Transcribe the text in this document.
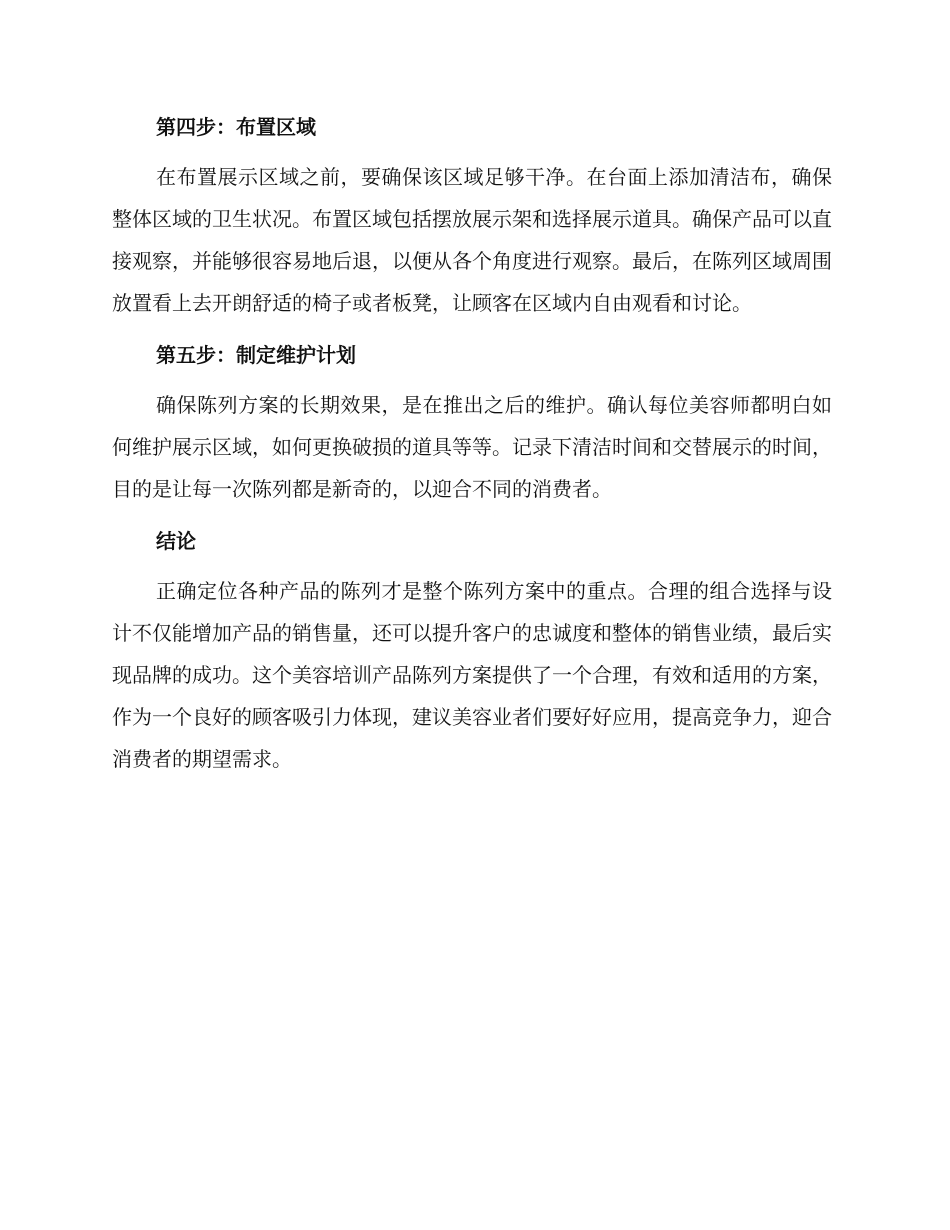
第四步：布置区域

在布置展示区域之前，要确保该区域足够干净。在台面上添加清洁布，确保整体区域的卫生状况。布置区域包括摆放展示架和选择展示道具。确保产品可以直接观察，并能够很容易地后退，以便从各个角度进行观察。最后，在陈列区域周围放置看上去开朗舒适的椅子或者板凳，让顾客在区域内自由观看和讨论。

第五步：制定维护计划

确保陈列方案的长期效果，是在推出之后的维护。确认每位美容师都明白如何维护展示区域，如何更换破损的道具等等。记录下清洁时间和交替展示的时间，目的是让每一次陈列都是新奇的，以迎合不同的消费者。

结论

正确定位各种产品的陈列才是整个陈列方案中的重点。合理的组合选择与设计不仅能增加产品的销售量，还可以提升客户的忠诚度和整体的销售业绩，最后实现品牌的成功。这个美容培训产品陈列方案提供了一个合理，有效和适用的方案，作为一个良好的顾客吸引力体现，建议美容业者们要好好应用，提高竞争力，迎合消费者的期望需求。
